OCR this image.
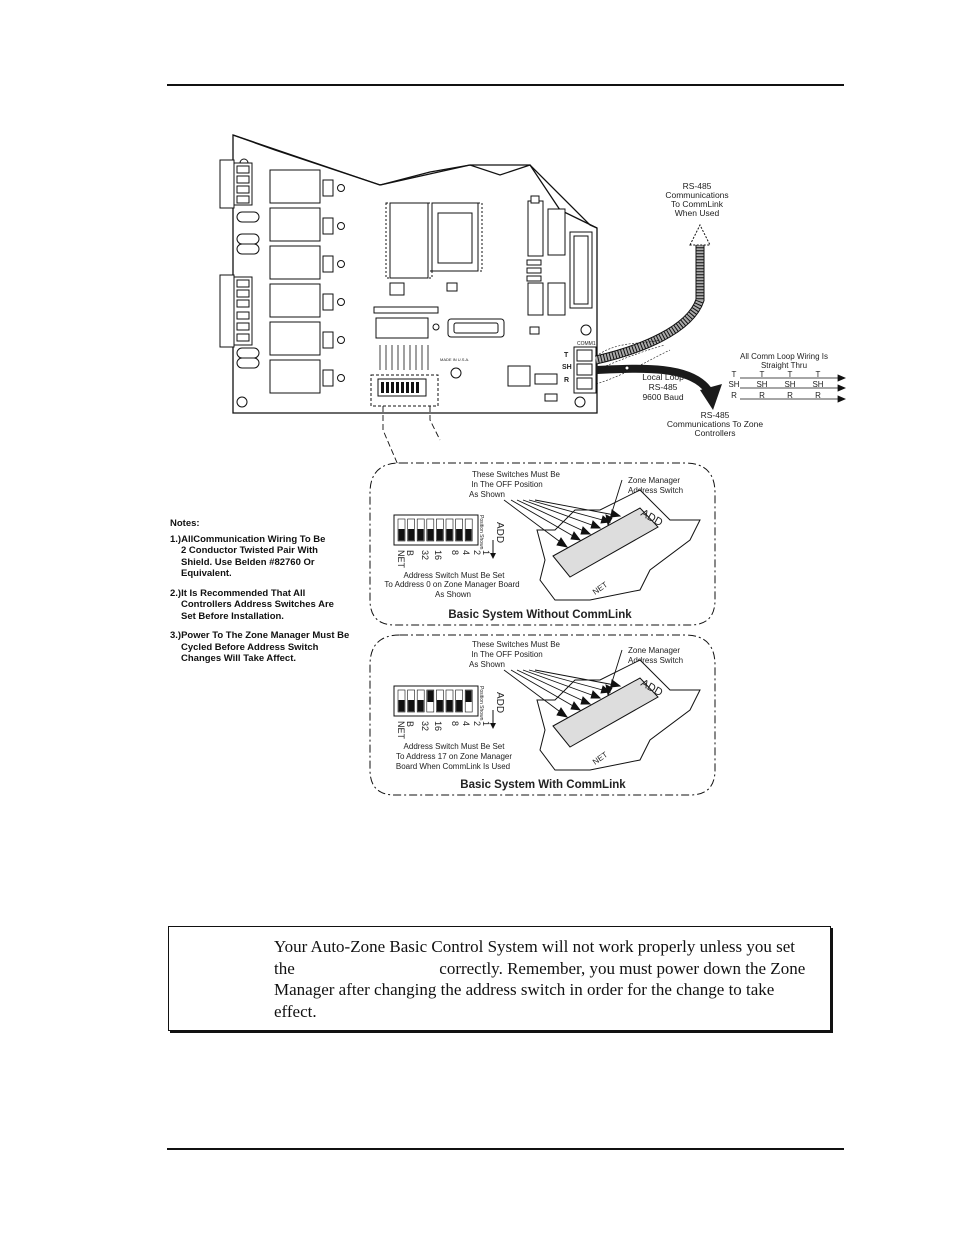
COMM1
T
SH
R
MADE IN U.S.A.
RS-485
Communications
To CommLink
When Used
All Comm Loop Wiring Is
Straight Thru
T	T	T	T
SH SH SH SH
R	R	R	R
Local Loop
RS-485
9600 Baud
RS-485
Communications To Zone
Controllers
These Switches Must Be
In The OFF Position
As Shown
Zone Manager
Address Switch
Position Shown ADD
1
2
4
8
16
32
B
NET
Address Switch Must Be Set
To Address 0 on Zone Manager Board
As Shown
ADD
NET
Basic System Without CommLink
These Switches Must Be
In The OFF Position
As Shown
Zone Manager
Address Switch
Position Shown ADD
1
2
4
8
16
32
B
NET
Address Switch Must Be Set
To Address 17 on Zone Manager
Board When CommLink Is Used
ADD
NET
Basic System With CommLink
Notes:
1.)AllCommunication Wiring To Be
2 Conductor Twisted Pair With
Shield. Use Belden #82760 Or
Equivalent.
2.)It Is Recommended That All
Controllers Address Switches Are
Set Before Installation.
3.)Power To The Zone Manager Must Be
Cycled Before Address Switch
Changes Will Take Affect.

Your Auto-Zone Basic Control System will not work properly unless you set the                                  correctly. Remember, you must power down the Zone Manager after changing the address switch in order for the change to take effect.
